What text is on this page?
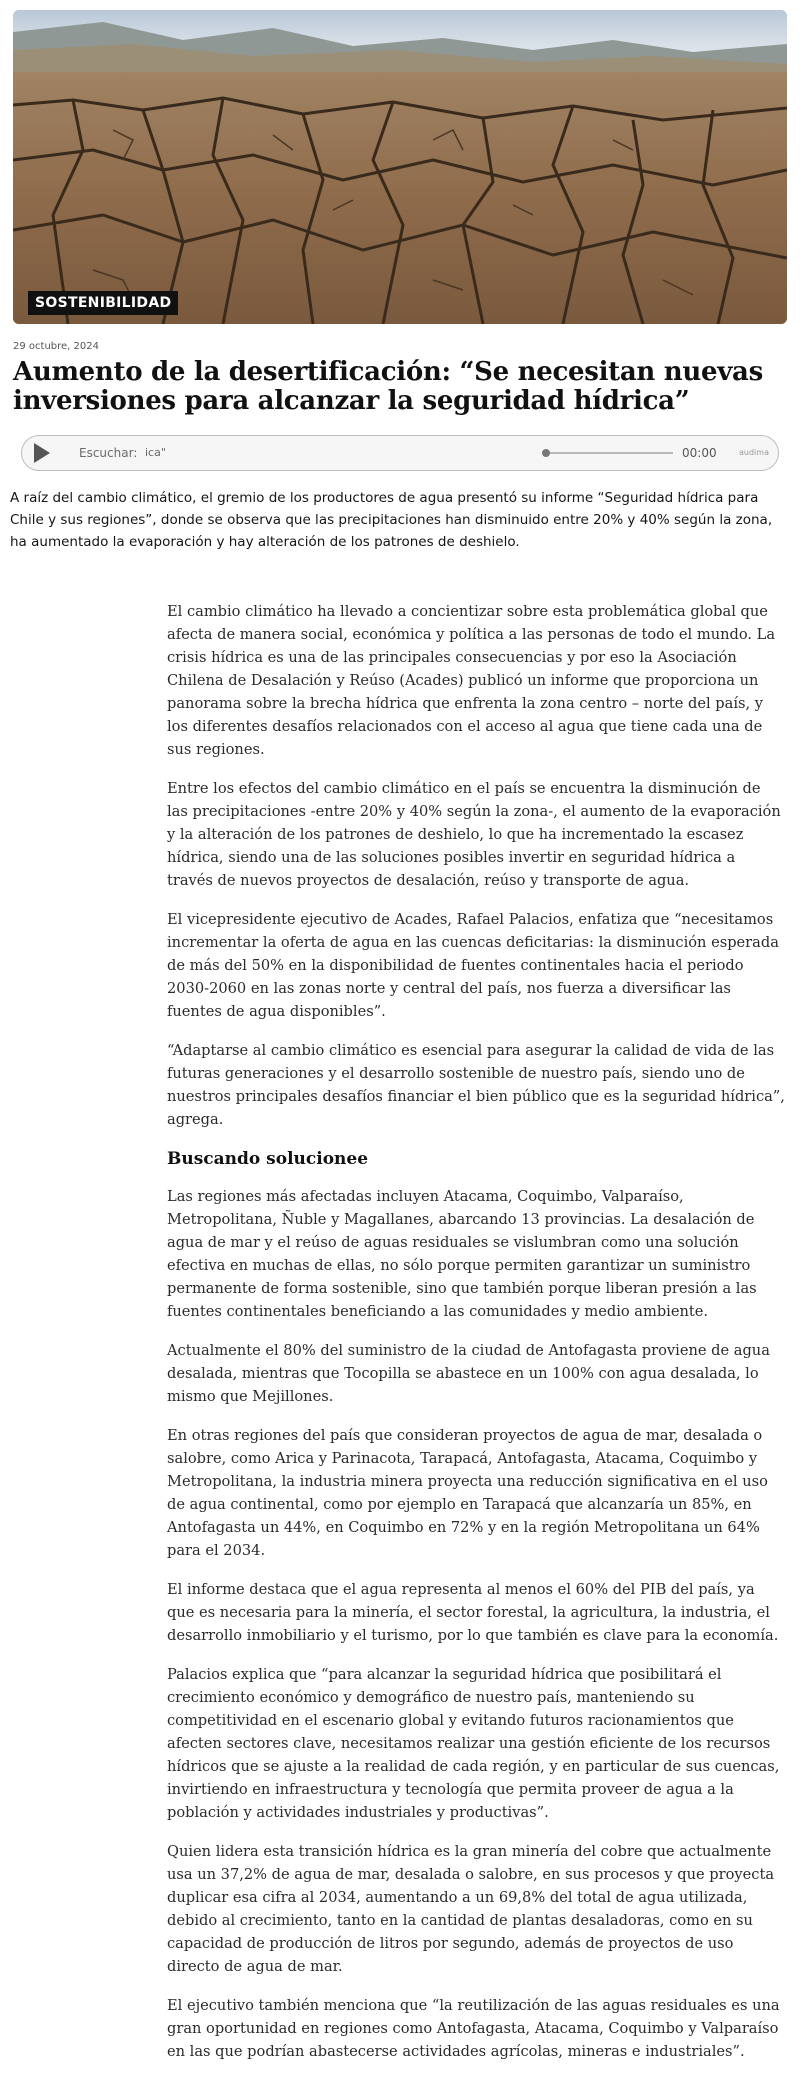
SOSTENIBILIDAD
29 octubre, 2024
Aumento de la desertificación: “Se necesitan nuevas inversiones para alcanzar la seguridad hídrica”
Escuchar: ica"	00:00	audima

A raíz del cambio climático, el gremio de los productores de agua presentó su informe “Seguridad hídrica para Chile y sus regiones”, donde se observa que las precipitaciones han disminuido entre 20% y 40% según la zona, ha aumentado la evaporación y hay alteración de los patrones de deshielo.

El cambio climático ha llevado a concientizar sobre esta problemática global que afecta de manera social, económica y política a las personas de todo el mundo. La crisis hídrica es una de las principales consecuencias y por eso la Asociación Chilena de Desalación y Reúso (Acades) publicó un informe que proporciona un panorama sobre la brecha hídrica que enfrenta la zona centro – norte del país, y los diferentes desafíos relacionados con el acceso al agua que tiene cada una de sus regiones.

Entre los efectos del cambio climático en el país se encuentra la disminución de las precipitaciones -entre 20% y 40% según la zona-, el aumento de la evaporación y la alteración de los patrones de deshielo, lo que ha incrementado la escasez hídrica, siendo una de las soluciones posibles invertir en seguridad hídrica a través de nuevos proyectos de desalación, reúso y transporte de agua.

El vicepresidente ejecutivo de Acades, Rafael Palacios, enfatiza que “necesitamos incrementar la oferta de agua en las cuencas deficitarias: la disminución esperada de más del 50% en la disponibilidad de fuentes continentales hacia el periodo 2030-2060 en las zonas norte y central del país, nos fuerza a diversificar las fuentes de agua disponibles”.

“Adaptarse al cambio climático es esencial para asegurar la calidad de vida de las futuras generaciones y el desarrollo sostenible de nuestro país, siendo uno de nuestros principales desafíos financiar el bien público que es la seguridad hídrica”, agrega.

Buscando solucionee

Las regiones más afectadas incluyen Atacama, Coquimbo, Valparaíso, Metropolitana, Ñuble y Magallanes, abarcando 13 provincias. La desalación de agua de mar y el reúso de aguas residuales se vislumbran como una solución efectiva en muchas de ellas, no sólo porque permiten garantizar un suministro permanente de forma sostenible, sino que también porque liberan presión a las fuentes continentales beneficiando a las comunidades y medio ambiente.

Actualmente el 80% del suministro de la ciudad de Antofagasta proviene de agua desalada, mientras que Tocopilla se abastece en un 100% con agua desalada, lo mismo que Mejillones.

En otras regiones del país que consideran proyectos de agua de mar, desalada o salobre, como Arica y Parinacota, Tarapacá, Antofagasta, Atacama, Coquimbo y Metropolitana, la industria minera proyecta una reducción significativa en el uso de agua continental, como por ejemplo en Tarapacá que alcanzaría un 85%, en Antofagasta un 44%, en Coquimbo en 72% y en la región Metropolitana un 64% para el 2034.

El informe destaca que el agua representa al menos el 60% del PIB del país, ya que es necesaria para la minería, el sector forestal, la agricultura, la industria, el desarrollo inmobiliario y el turismo, por lo que también es clave para la economía.

Palacios explica que “para alcanzar la seguridad hídrica que posibilitará el crecimiento económico y demográfico de nuestro país, manteniendo su competitividad en el escenario global y evitando futuros racionamientos que afecten sectores clave, necesitamos realizar una gestión eficiente de los recursos hídricos que se ajuste a la realidad de cada región, y en particular de sus cuencas, invirtiendo en infraestructura y tecnología que permita proveer de agua a la población y actividades industriales y productivas”.

Quien lidera esta transición hídrica es la gran minería del cobre que actualmente usa un 37,2% de agua de mar, desalada o salobre, en sus procesos y que proyecta duplicar esa cifra al 2034, aumentando a un 69,8% del total de agua utilizada, debido al crecimiento, tanto en la cantidad de plantas desaladoras, como en su capacidad de producción de litros por segundo, además de proyectos de uso directo de agua de mar.

El ejecutivo también menciona que “la reutilización de las aguas residuales es una gran oportunidad en regiones como Antofagasta, Atacama, Coquimbo y Valparaíso en las que podrían abastecerse actividades agrícolas, mineras e industriales”.
